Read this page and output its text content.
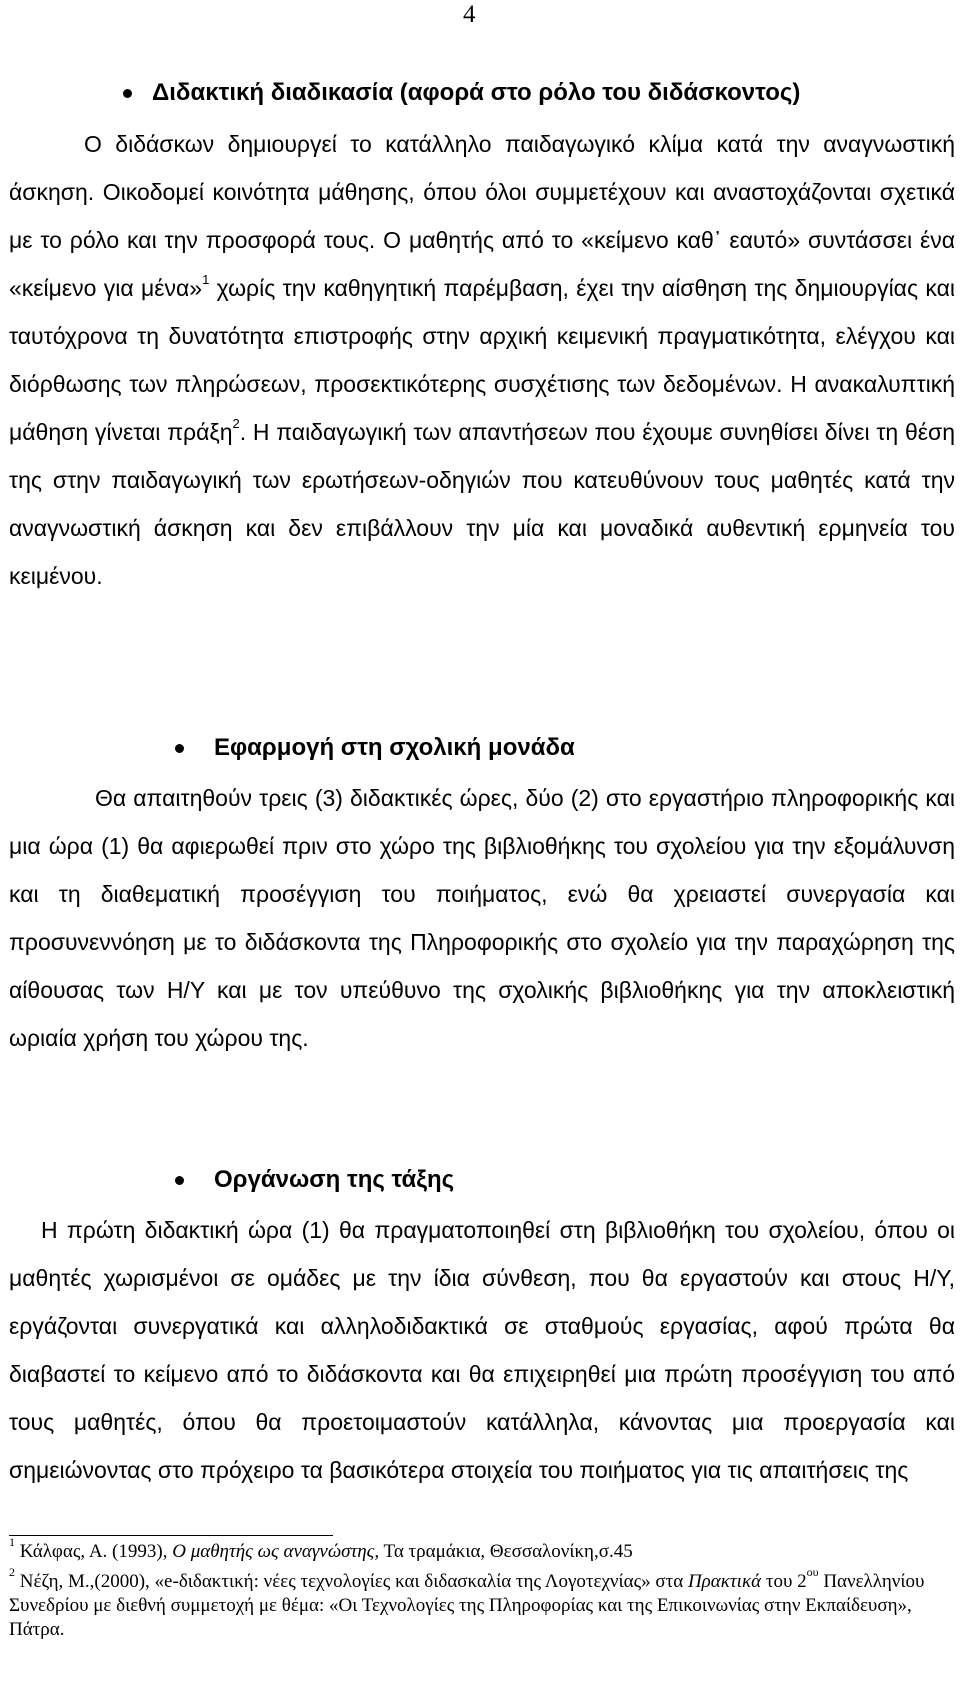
4
Διδακτική διαδικασία (αφορά στο ρόλο του διδάσκοντος)

Ο διδάσκων δημιουργεί το κατάλληλο παιδαγωγικό κλίμα κατά την αναγνωστική άσκηση. Οικοδομεί κοινότητα μάθησης, όπου όλοι συμμετέχουν και αναστοχάζονται σχετικά με το ρόλο και την προσφορά τους. Ο μαθητής από το «κείμενο καθ᾽ εαυτό» συντάσσει ένα «κείμενο για μένα»$^1$ χωρίς την καθηγητική παρέμβαση, έχει την αίσθηση της δημιουργίας και ταυτόχρονα τη δυνατότητα επιστροφής στην αρχική κειμενική πραγματικότητα, ελέγχου και διόρθωσης των πληρώσεων, προσεκτικότερης συσχέτισης των δεδομένων. Η ανακαλυπτική μάθηση γίνεται πράξη$^2$. Η παιδαγωγική των απαντήσεων που έχουμε συνηθίσει δίνει τη θέση της στην παιδαγωγική των ερωτήσεων-οδηγιών που κατευθύνουν τους μαθητές κατά την αναγνωστική άσκηση και δεν επιβάλλουν την μία και μοναδικά αυθεντική ερμηνεία του κειμένου.

Εφαρμογή στη σχολική μονάδα

Θα απαιτηθούν τρεις (3) διδακτικές ώρες, δύο (2) στο εργαστήριο πληροφορικής και μια ώρα (1) θα αφιερωθεί πριν στο χώρο της βιβλιοθήκης του σχολείου για την εξομάλυνση και τη διαθεματική προσέγγιση του ποιήματος, ενώ θα χρειαστεί συνεργασία και προσυνεννόηση με το διδάσκοντα της Πληροφορικής στο σχολείο για την παραχώρηση της αίθουσας των Η/Υ και με τον υπεύθυνο της σχολικής βιβλιοθήκης για την αποκλειστική ωριαία χρήση του χώρου της.

Οργάνωση της τάξης

Η πρώτη διδακτική ώρα (1) θα πραγματοποιηθεί στη βιβλιοθήκη του σχολείου, όπου οι μαθητές χωρισμένοι σε ομάδες με την ίδια σύνθεση, που θα εργαστούν και στους Η/Υ, εργάζονται συνεργατικά και αλληλοδιδακτικά σε σταθμούς εργασίας, αφού πρώτα θα διαβαστεί το κείμενο από το διδάσκοντα και θα επιχειρηθεί μια πρώτη προσέγγιση του από τους μαθητές, όπου θα προετοιμαστούν κατάλληλα, κάνοντας μια προεργασία και σημειώνοντας στο πρόχειρο τα βασικότερα στοιχεία του ποιήματος για τις απαιτήσεις της

$^1$ Κάλφας, Α. (1993), Ο μαθητής ως αναγνώστης, Τα τραμάκια, Θεσσαλονίκη,σ.45

$^2$ Νέζη, Μ.,(2000), «e-διδακτική: νέες τεχνολογίες και διδασκαλία της Λογοτεχνίας» στα Πρακτικά του $2^{o\upsilon}$ Πανελληνίου Συνεδρίου με διεθνή συμμετοχή με θέμα: «Οι Τεχνολογίες της Πληροφορίας και της Επικοινωνίας στην Εκπαίδευση», Πάτρα.
